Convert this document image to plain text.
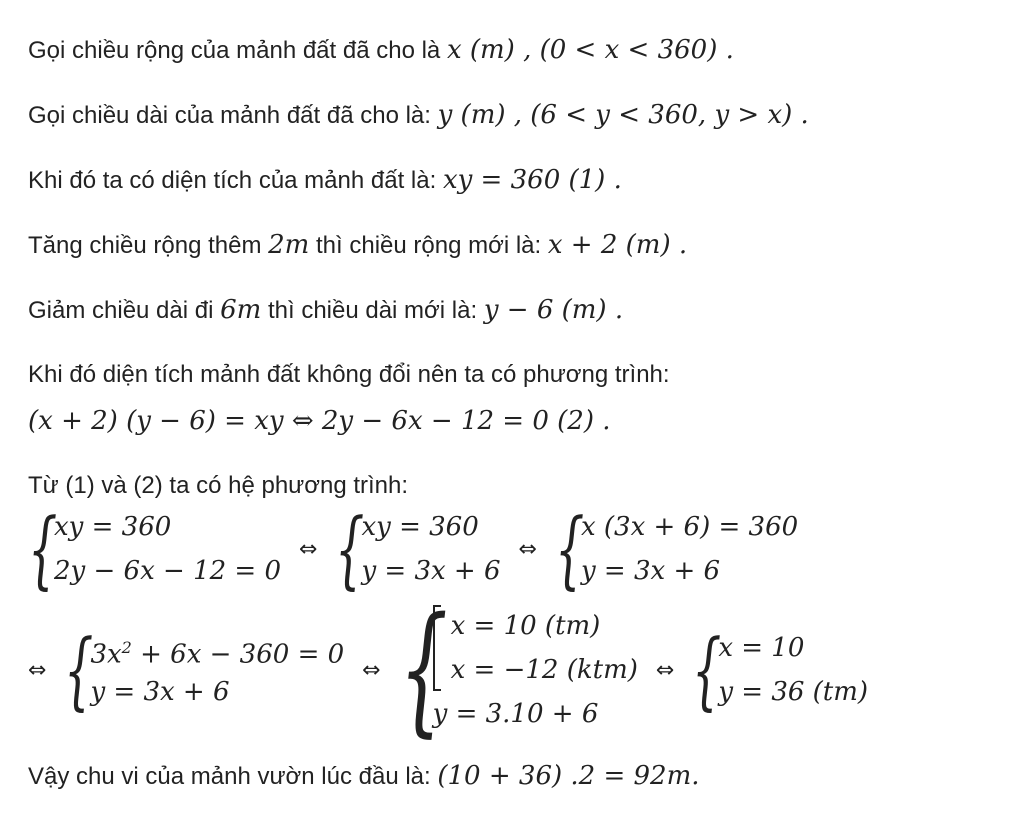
Gọi chiều rộng của mảnh đất đã cho là x (m) , (0 < x < 360) .
Gọi chiều dài của mảnh đất đã cho là: y (m) , (6 < y < 360, y > x) .
Khi đó ta có diện tích của mảnh đất là: xy = 360 (1) .
Tăng chiều rộng thêm 2m thì chiều rộng mới là: x + 2 (m) .
Giảm chiều dài đi 6m thì chiều dài mới là: y − 6 (m) .
Khi đó diện tích mảnh đất không đổi nên ta có phương trình:
(x + 2) (y − 6) = xy ⇔ 2y − 6x − 12 = 0 (2) .
Từ (1) và (2) ta có hệ phương trình:
{
xy = 360
2y − 6x − 12 = 0
⇔ {
xy = 360
y = 3x + 6
⇔ {
x (3x + 6) = 360
y = 3x + 6
⇔ {
$3x^2 + 6x - 360 = 0$
y = 3x + 6
⇔ { x = 10 (tm)
x = −12 (ktm)
y = 3.10 + 6
⇔ {
x = 10
y = 36 (tm)
Vậy chu vi của mảnh vườn lúc đầu là: (10 + 36) .2 = 92m.
